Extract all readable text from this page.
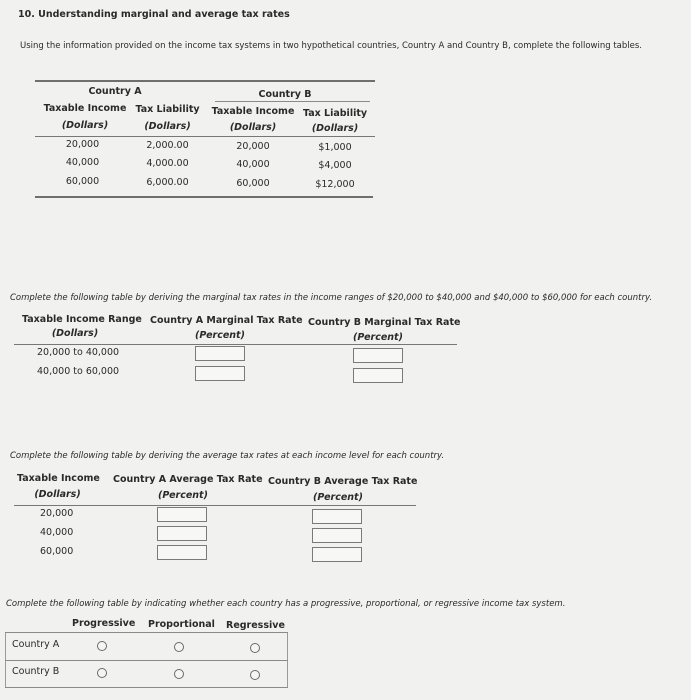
10. Understanding marginal and average tax rates
Using the information provided on the income tax systems in two hypothetical countries, Country A and Country B, complete the following tables.
Country A	Country B
Taxable Income Tax Liability	Taxable Income Tax Liability
(Dollars)	(Dollars)	(Dollars)	(Dollars)
20,000	2,000.00	20,000	$1,000
40,000	4,000.00	40,000	$4,000
60,000	6,000.00	60,000	$12,000
Complete the following table by deriving the marginal tax rates in the income ranges of $20,000 to $40,000 and $40,000 to $60,000 for each country.
Taxable Income Range Country A Marginal Tax Rate Country B Marginal Tax Rate
(Dollars)	(Percent)	(Percent)
20,000 to 40,000
40,000 to 60,000
Complete the following table by deriving the average tax rates at each income level for each country.
Taxable Income Country A Average Tax Rate Country B Average Tax Rate
(Dollars)	(Percent)	(Percent)
20,000
40,000
60,000
Complete the following table by indicating whether each country has a progressive, proportional, or regressive income tax system.
Progressive Proportional Regressive
Country A
Country B
